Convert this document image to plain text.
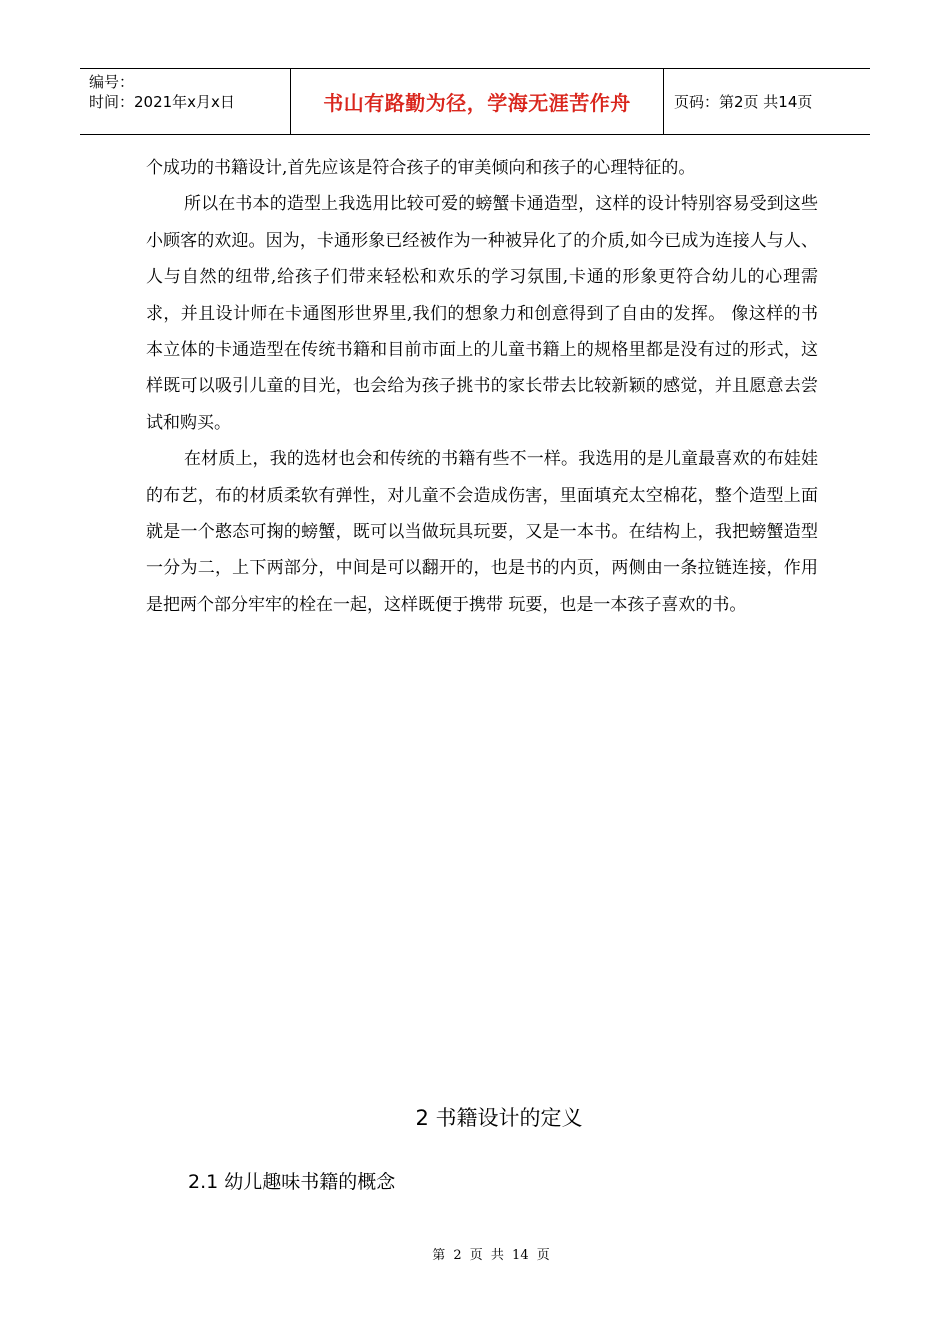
编号：
时间：2021年x月x日	书山有路勤为径，学海无涯苦作舟	页码：第2页 共14页

个成功的书籍设计,首先应该是符合孩子的审美倾向和孩子的心理特征的。

所以在书本的造型上我选用比较可爱的螃蟹卡通造型，这样的设计特别容易受到这些小顾客的欢迎。因为，卡通形象已经被作为一种被异化了的介质,如今已成为连接人与人、人与自然的纽带,给孩子们带来轻松和欢乐的学习氛围,卡通的形象更符合幼儿的心理需求，并且设计师在卡通图形世界里,我们的想象力和创意得到了自由的发挥。 像这样的书本立体的卡通造型在传统书籍和目前市面上的儿童书籍上的规格里都是没有过的形式，这样既可以吸引儿童的目光，也会给为孩子挑书的家长带去比较新颖的感觉，并且愿意去尝试和购买。

在材质上，我的选材也会和传统的书籍有些不一样。我选用的是儿童最喜欢的布娃娃的布艺，布的材质柔软有弹性，对儿童不会造成伤害，里面填充太空棉花，整个造型上面就是一个憨态可掬的螃蟹，既可以当做玩具玩要，又是一本书。在结构上，我把螃蟹造型 一分为二，上下两部分，中间是可以翻开的，也是书的内页，两侧由一条拉链连接，作用是把两个部分牢牢的栓在一起，这样既便于携带 玩要，也是一本孩子喜欢的书。

2 书籍设计的定义
2.1 幼儿趣味书籍的概念
第 2 页 共 14 页
